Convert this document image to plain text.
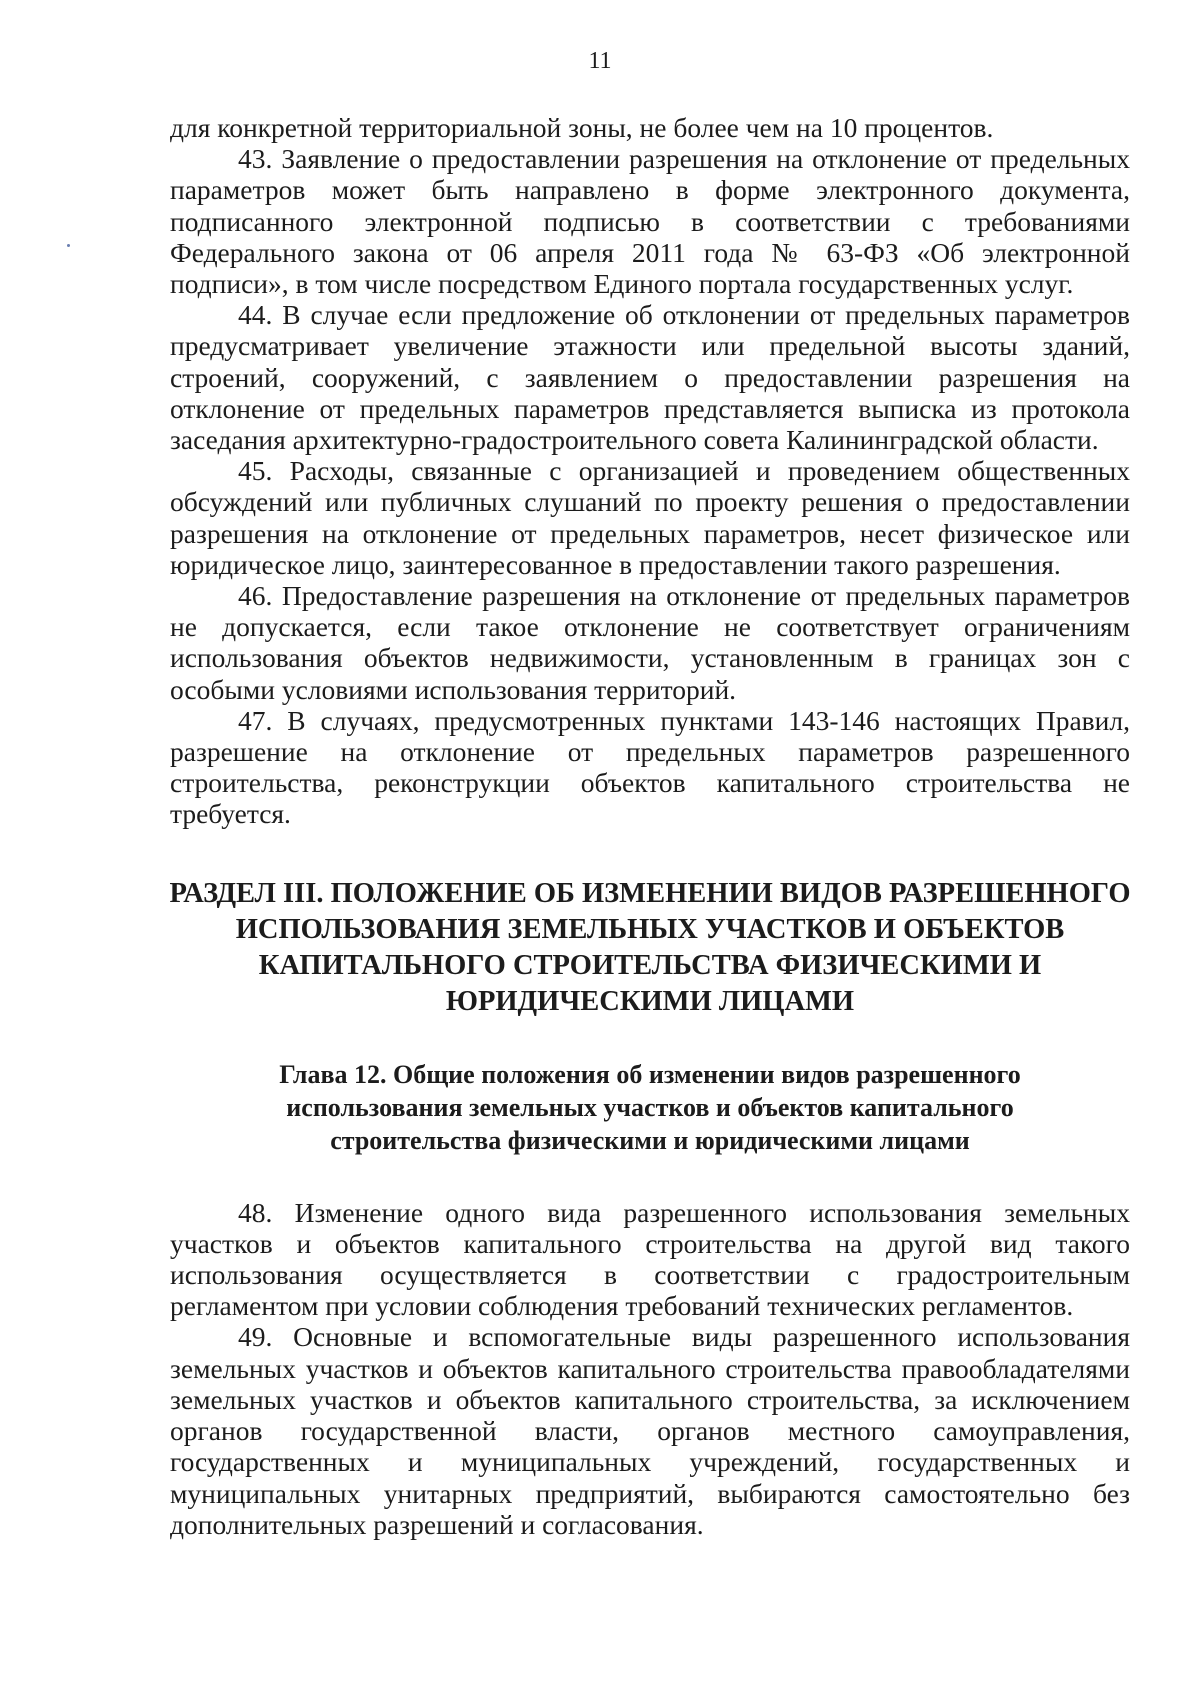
11

для конкретной территориальной зоны, не более чем на 10 процентов.

43. Заявление о предоставлении разрешения на отклонение от предельных параметров может быть направлено в форме электронного документа, подписанного электронной подписью в соответствии с требованиями Федерального закона от 06 апреля 2011 года № 63-ФЗ «Об электронной подписи», в том числе посредством Единого портала государственных услуг.

44. В случае если предложение об отклонении от предельных параметров предусматривает увеличение этажности или предельной высоты зданий, строений, сооружений, с заявлением о предоставлении разрешения на отклонение от предельных параметров представляется выписка из протокола заседания архитектурно-градостроительного совета Калининградской области.

45. Расходы, связанные с организацией и проведением общественных обсуждений или публичных слушаний по проекту решения о предоставлении разрешения на отклонение от предельных параметров, несет физическое или юридическое лицо, заинтересованное в предоставлении такого разрешения.

46. Предоставление разрешения на отклонение от предельных параметров не допускается, если такое отклонение не соответствует ограничениям использования объектов недвижимости, установленным в границах зон с особыми условиями использования территорий.

47. В случаях, предусмотренных пунктами 143-146 настоящих Правил, разрешение на отклонение от предельных параметров разрешенного строительства, реконструкции объектов капитального строительства не требуется.

РАЗДЕЛ III. ПОЛОЖЕНИЕ ОБ ИЗМЕНЕНИИ ВИДОВ РАЗРЕШЕННОГО
ИСПОЛЬЗОВАНИЯ ЗЕМЕЛЬНЫХ УЧАСТКОВ И ОБЪЕКТОВ
КАПИТАЛЬНОГО СТРОИТЕЛЬСТВА ФИЗИЧЕСКИМИ И
ЮРИДИЧЕСКИМИ ЛИЦАМИ
Глава 12. Общие положения об изменении видов разрешенного
использования земельных участков и объектов капитального
строительства физическими и юридическими лицами

48. Изменение одного вида разрешенного использования земельных участков и объектов капитального строительства на другой вид такого использования осуществляется в соответствии с градостроительным регламентом при условии соблюдения требований технических регламентов.

49. Основные и вспомогательные виды разрешенного использования земельных участков и объектов капитального строительства правообладателями земельных участков и объектов капитального строительства, за исключением органов государственной власти, органов местного самоуправления, государственных и муниципальных учреждений, государственных и муниципальных унитарных предприятий, выбираются самостоятельно без дополнительных разрешений и согласования.
